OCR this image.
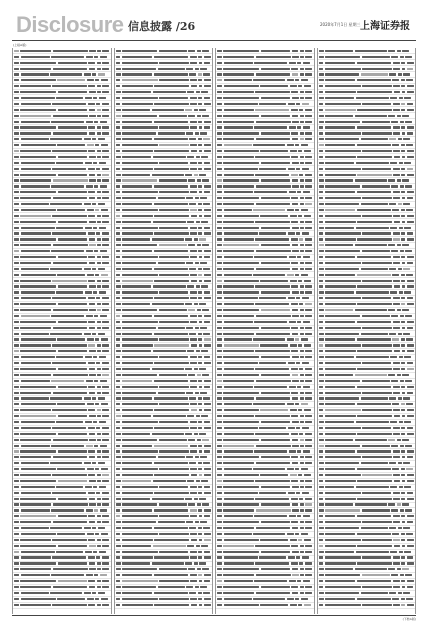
Disclosure 信息披露 /26	2020年7月1日 星期三 上海证券报
(上接A版)
(下转A版)
